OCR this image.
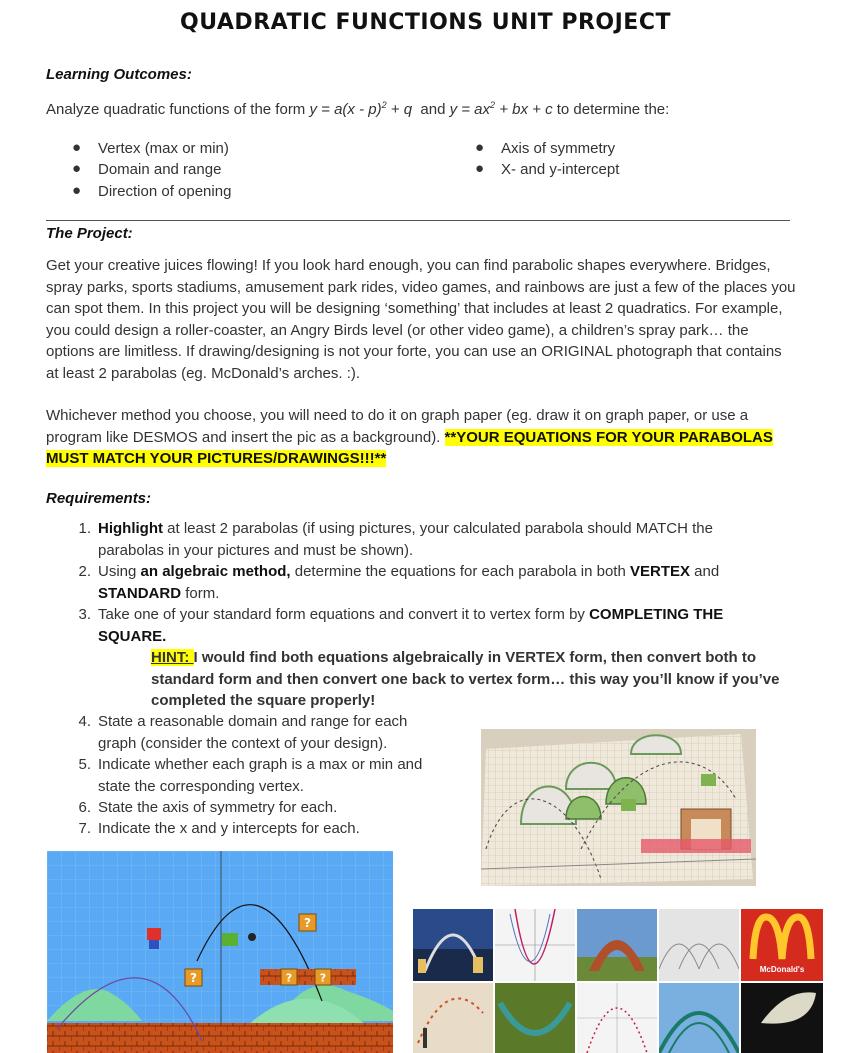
QUADRATIC FUNCTIONS UNIT PROJECT
Learning Outcomes:
Analyze quadratic functions of the form y = a(x - p)$^2$ + q  and $y = ax^2$ + bx + c to determine the:
● Vertex (max or min)
● Domain and range
● Direction of opening
● Axis of symmetry
● X- and y-intercept
The Project:
Get your creative juices flowing! If you look hard enough, you can find parabolic shapes everywhere. Bridges, spray parks, sports stadiums, amusement park rides, video games, and rainbows are just a few of the places you can spot them. In this project you will be designing ‘something’ that includes at least 2 quadratics. For example, you could design a roller-coaster, an Angry Birds level (or other video game), a children’s spray park… the options are limitless. If drawing/designing is not your forte, you can use an ORIGINAL photograph that contains at least 2 parabolas (eg. McDonald’s arches. :).
Whichever method you choose, you will need to do it on graph paper (eg. draw it on graph paper, or use a program like DESMOS and insert the pic as a background). **YOUR EQUATIONS FOR YOUR PARABOLAS MUST MATCH YOUR PICTURES/DRAWINGS!!!**
Requirements:
1. Highlight at least 2 parabolas (if using pictures, your calculated parabola should MATCH the parabolas in your pictures and must be shown).
2. Using an algebraic method, determine the equations for each parabola in both VERTEX and STANDARD form.
3. Take one of your standard form equations and convert it to vertex form by COMPLETING THE SQUARE.
HINT: I would find both equations algebraically in VERTEX form, then convert both to standard form and then convert one back to vertex form… this way you’ll know if you’ve completed the square properly!
4. State a reasonable domain and range for each graph (consider the context of your design).
5. Indicate whether each graph is a max or min and state the corresponding vertex.
6. State the axis of symmetry for each.
7. Indicate the x and y intercepts for each.
?
?	?	?
McDonald's
